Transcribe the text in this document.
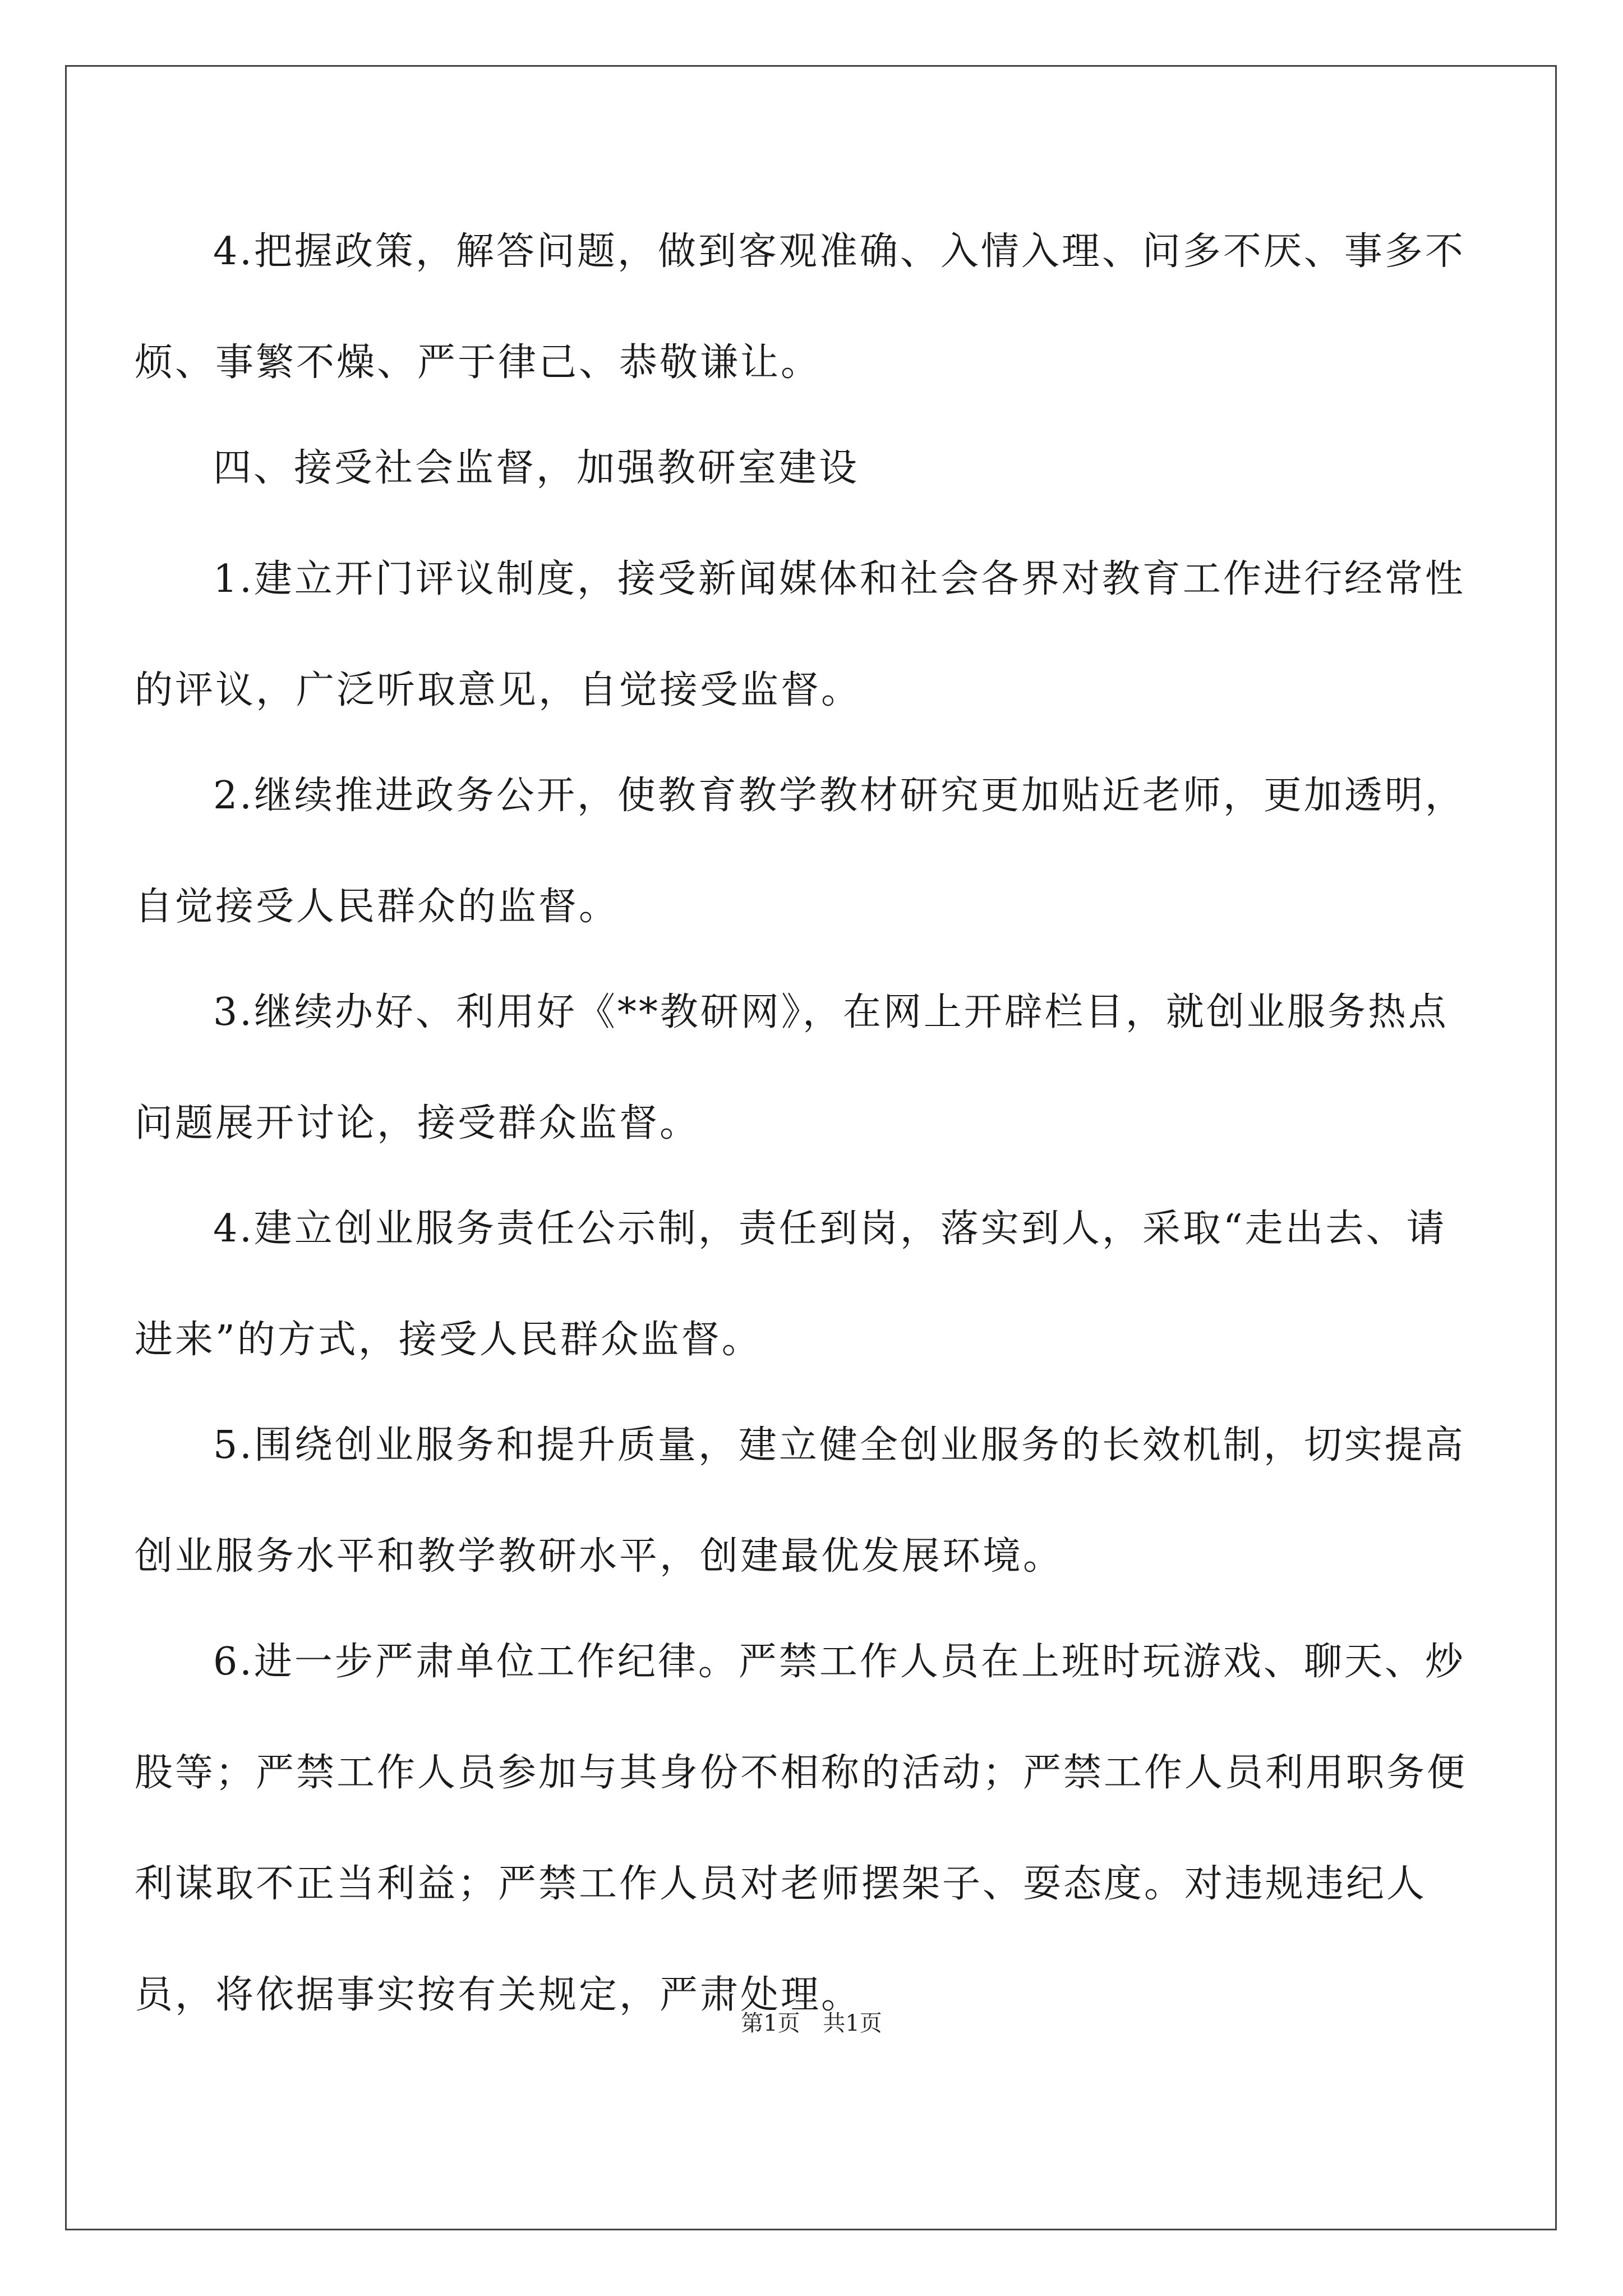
4.把握政策，解答问题，做到客观准确、入情入理、问多不厌、事多不烦、事繁不燥、严于律己、恭敬谦让。

四、接受社会监督，加强教研室建设

1.建立开门评议制度，接受新闻媒体和社会各界对教育工作进行经常性的评议，广泛听取意见，自觉接受监督。

2.继续推进政务公开，使教育教学教材研究更加贴近老师，更加透明，自觉接受人民群众的监督。

3.继续办好、利用好《**教研网》，在网上开辟栏目，就创业服务热点问题展开讨论，接受群众监督。

4.建立创业服务责任公示制，责任到岗，落实到人，采取“走出去、请进来”的方式，接受人民群众监督。

5.围绕创业服务和提升质量，建立健全创业服务的长效机制，切实提高创业服务水平和教学教研水平，创建最优发展环境。

6.进一步严肃单位工作纪律。严禁工作人员在上班时玩游戏、聊天、炒股等；严禁工作人员参加与其身份不相称的活动；严禁工作人员利用职务便利谋取不正当利益；严禁工作人员对老师摆架子、耍态度。对违规违纪人员，将依据事实按有关规定，严肃处理。

第1页 共1页
